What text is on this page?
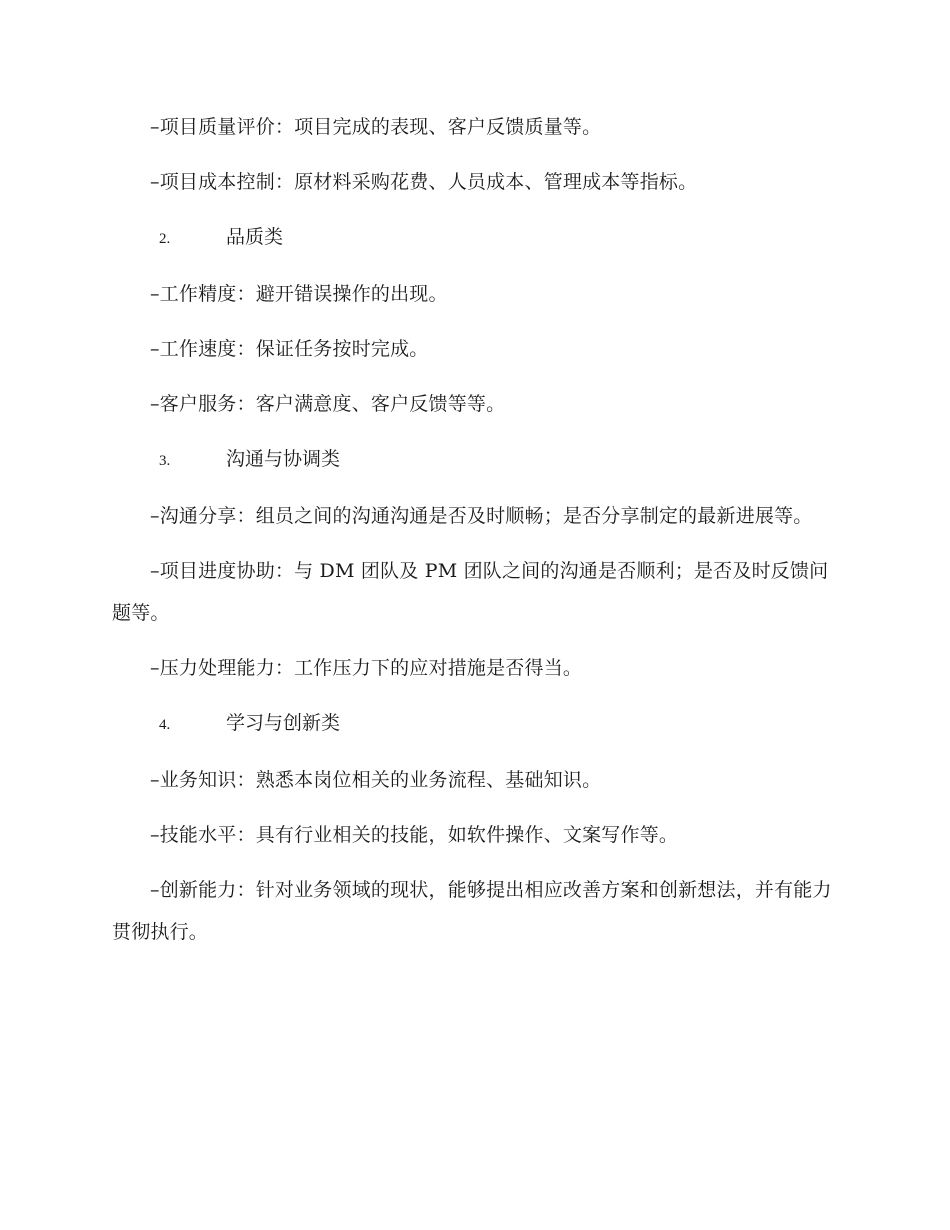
–项目质量评价：项目完成的表现、客户反馈质量等。

–项目成本控制：原材料采购花费、人员成本、管理成本等指标。

2.	品质类

–工作精度：避开错误操作的出现。

–工作速度：保证任务按时完成。

–客户服务：客户满意度、客户反馈等等。

3.	沟通与协调类

–沟通分享：组员之间的沟通沟通是否及时顺畅；是否分享制定的最新进展等。

–项目进度协助：与 DM 团队及 PM 团队之间的沟通是否顺利；是否及时反馈问题等。

–压力处理能力：工作压力下的应对措施是否得当。

4.	学习与创新类

–业务知识：熟悉本岗位相关的业务流程、基础知识。

–技能水平：具有行业相关的技能，如软件操作、文案写作等。

–创新能力：针对业务领域的现状，能够提出相应改善方案和创新想法，并有能力贯彻执行。
